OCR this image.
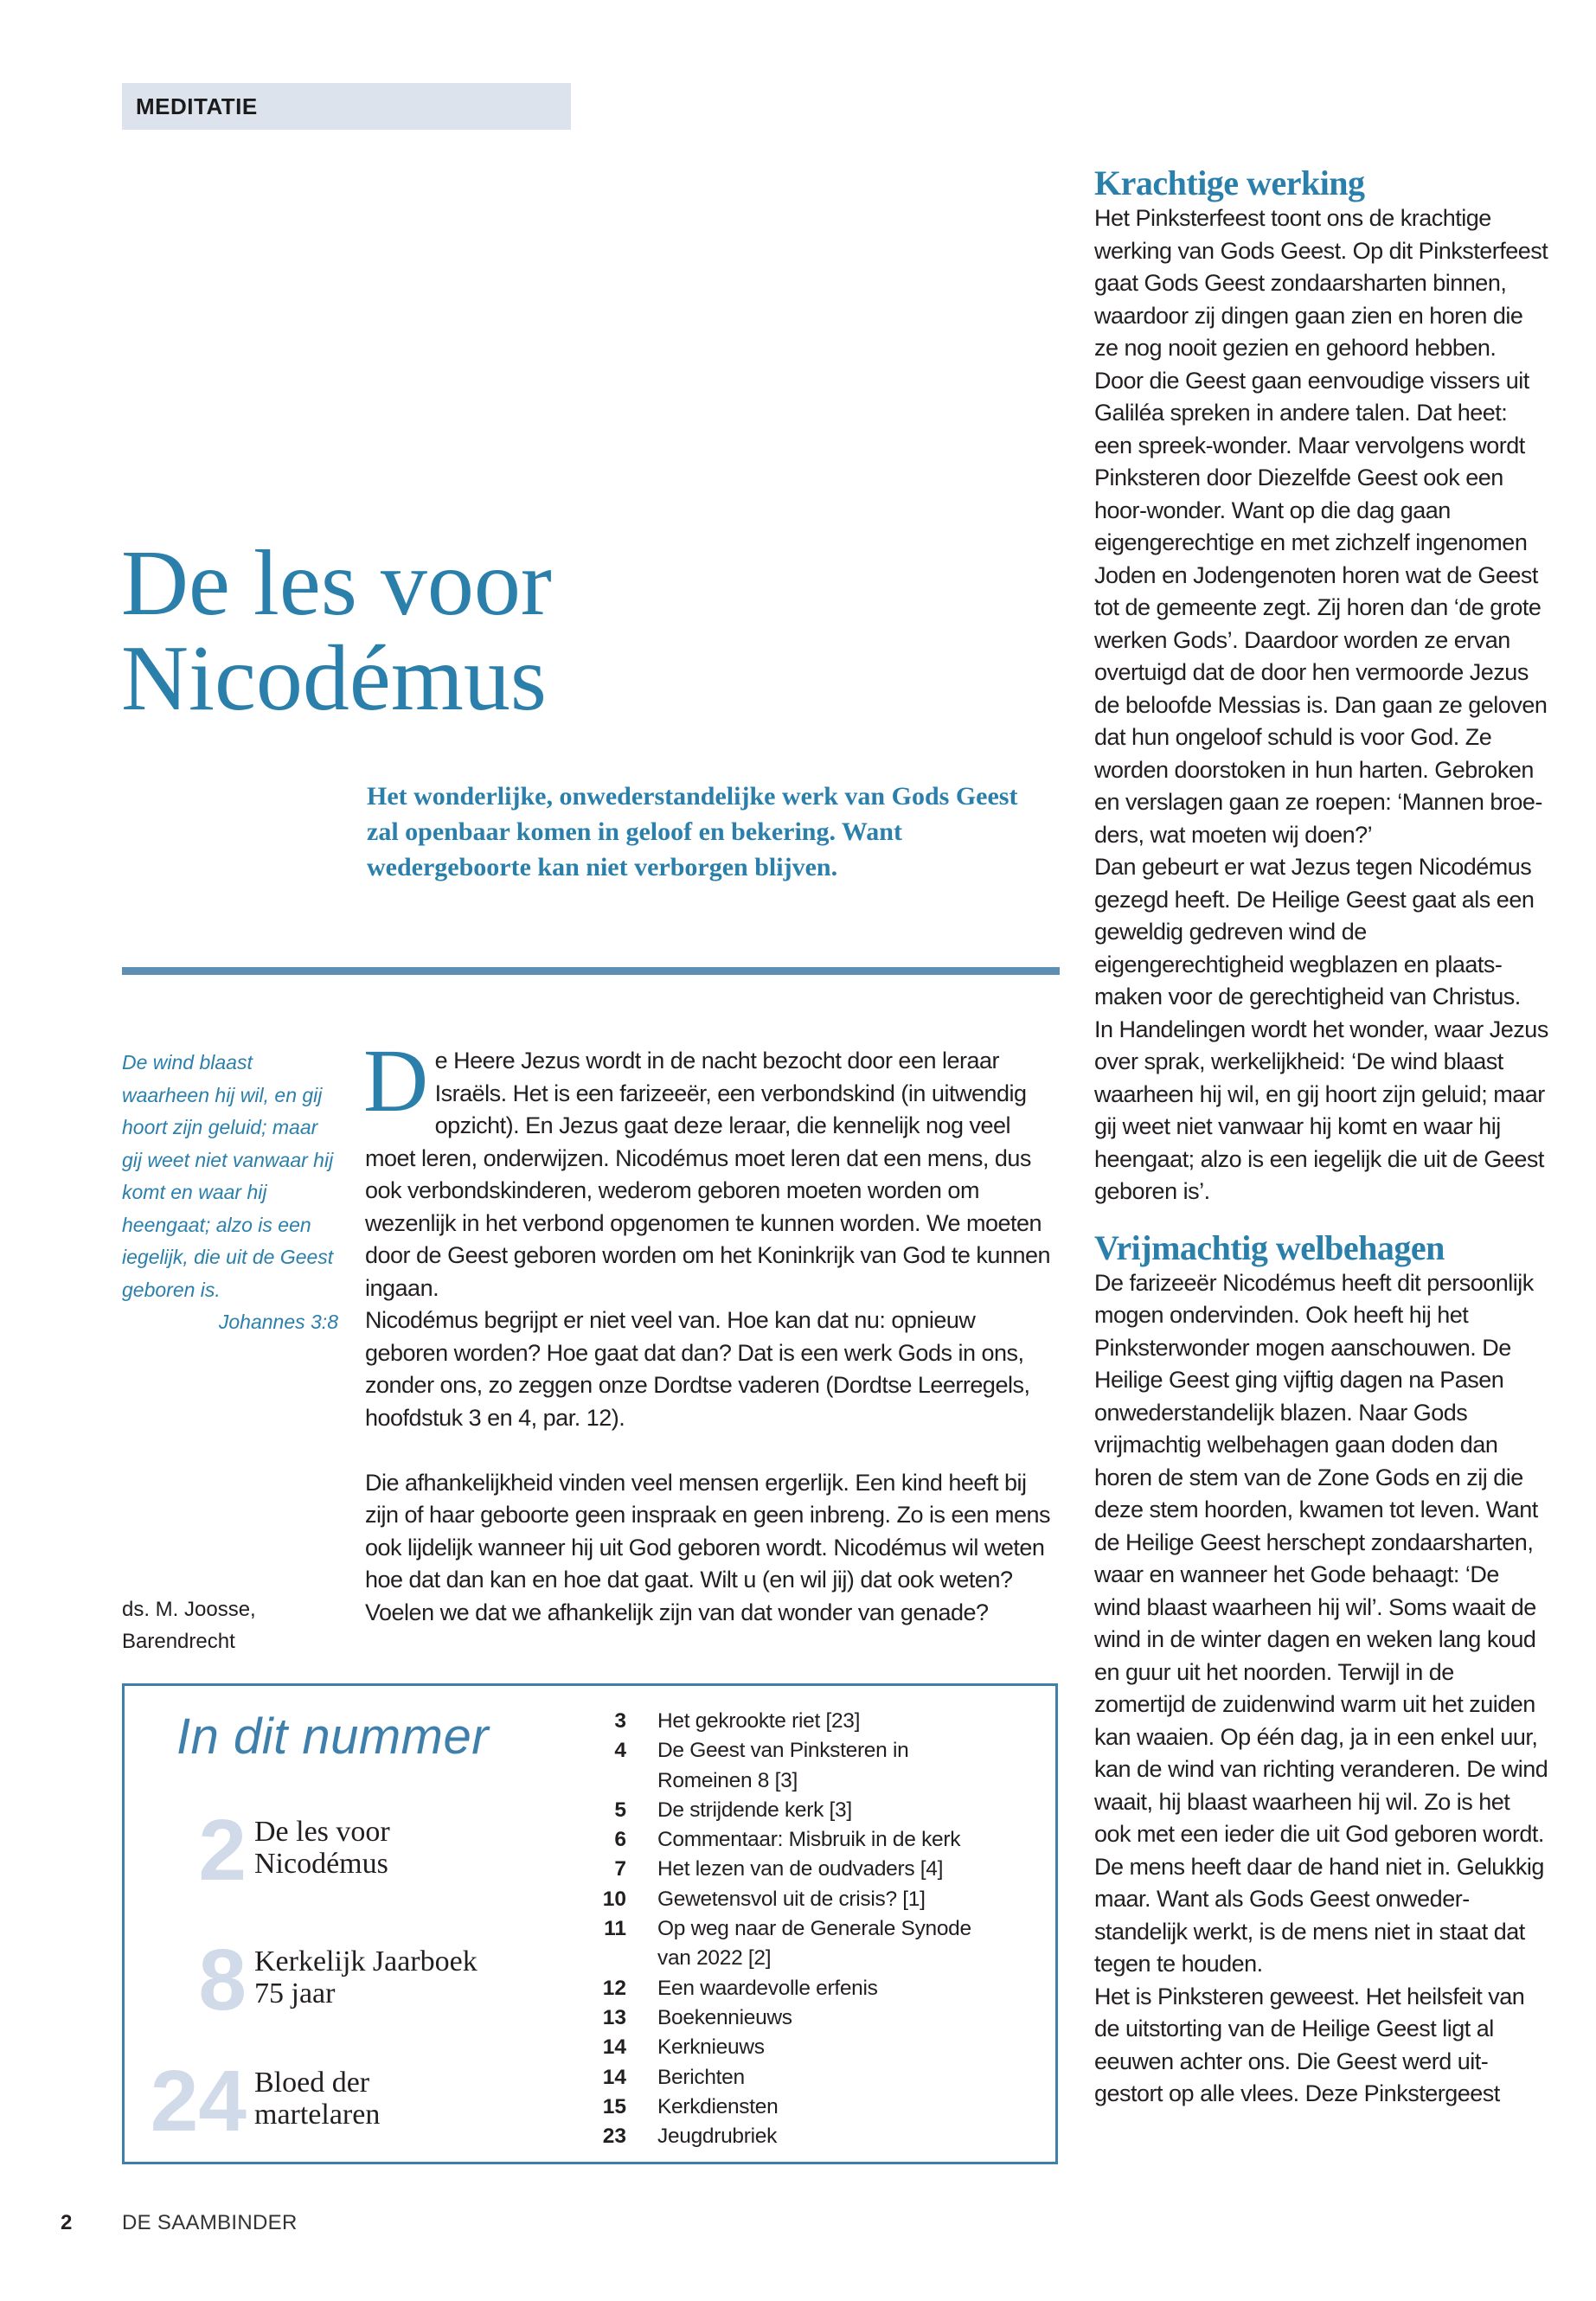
MEDITATIE
De les voor
Nicodémus

Het wonderlijke, onwederstandelijke werk van Gods Geest zal openbaar komen in geloof en bekering. Want wedergeboorte kan niet verborgen blijven.

De wind blaast waarheen hij wil, en gij hoort zijn geluid; maar gij weet niet vanwaar hij komt en waar hij heengaat; alzo is een iegelijk, die uit de Geest geboren is.
Johannes 3:8
ds. M. Joosse,
Barendrecht
D e Heere Jezus wordt in de nacht bezocht door een leraar Israëls. Het is een farizeeër, een verbondskind (in uitwendig opzicht). En Jezus gaat deze leraar, die kennelijk nog veel moet leren, onderwijzen. Nicodémus moet leren dat een mens, dus ook verbondskinderen, wederom geboren moeten worden om wezenlijk in het verbond opgenomen te kunnen worden. We moeten door de Geest geboren worden om het Koninkrijk van God te kunnen ingaan.

Nicodémus begrijpt er niet veel van. Hoe kan dat nu: opnieuw geboren worden? Hoe gaat dat dan? Dat is een werk Gods in ons, zonder ons, zo zeggen onze Dordtse vaderen (Dordtse Leerregels, hoofdstuk 3 en 4, par. 12).

Die afhankelijkheid vinden veel mensen ergerlijk. Een kind heeft bij zijn of haar geboorte geen inspraak en geen inbreng. Zo is een mens ook lijdelijk wanneer hij uit God geboren wordt. Nicodémus wil weten hoe dat dan kan en hoe dat gaat. Wilt u (en wil jij) dat ook weten? Voelen we dat we afhankelijk zijn van dat wonder van genade?

Krachtige werking

Het Pinksterfeest toont ons de krachtige werking van Gods Geest. Op dit Pinksterfeest gaat Gods Geest zondaarsharten binnen, waardoor zij dingen gaan zien en horen die ze nog nooit gezien en gehoord hebben. Door die Geest gaan eenvoudige vissers uit Galiléa spreken in andere talen. Dat heet: een spreek-wonder. Maar vervolgens wordt Pinksteren door Diezelfde Geest ook een hoor-wonder. Want op die dag gaan eigengerechtige en met zichzelf ingenomen Joden en Jodengenoten horen wat de Geest tot de gemeente zegt. Zij horen dan ‘de grote werken Gods’. Daardoor worden ze ervan overtuigd dat de door hen vermoorde Jezus de beloofde Messias is. Dan gaan ze geloven dat hun ongeloof schuld is voor God. Ze worden doorstoken in hun harten. Gebroken en verslagen gaan ze roepen: ‘Mannen broeders, wat moeten wij doen?’

Dan gebeurt er wat Jezus tegen Nicodémus gezegd heeft. De Heilige Geest gaat als een geweldig gedreven wind de eigengerechtigheid wegblazen en plaatsmaken voor de gerechtigheid van Christus.

In Handelingen wordt het wonder, waar Jezus over sprak, werkelijkheid: ‘De wind blaast waarheen hij wil, en gij hoort zijn geluid; maar gij weet niet vanwaar hij komt en waar hij heengaat; alzo is een iegelijk die uit de Geest geboren is’.

Vrijmachtig welbehagen

De farizeeër Nicodémus heeft dit persoonlijk mogen ondervinden. Ook heeft hij het Pinksterwonder mogen aanschouwen. De Heilige Geest ging vijftig dagen na Pasen onwederstandelijk blazen. Naar Gods vrijmachtig welbehagen gaan doden dan horen de stem van de Zone Gods en zij die deze stem hoorden, kwamen tot leven. Want de Heilige Geest herschept zondaarsharten, waar en wanneer het Gode behaagt: ‘De wind blaast waarheen hij wil’. Soms waait de wind in de winter dagen en weken lang koud en guur uit het noorden. Terwijl in de zomertijd de zuidenwind warm uit het zuiden kan waaien. Op één dag, ja in een enkel uur, kan de wind van richting veranderen. De wind waait, hij blaast waarheen hij wil. Zo is het ook met een ieder die uit God geboren wordt. De mens heeft daar de hand niet in. Gelukkig maar. Want als Gods Geest onwederstandelijk werkt, is de mens niet in staat dat tegen te houden.

Het is Pinksteren geweest. Het heilsfeit van de uitstorting van de Heilige Geest ligt al eeuwen achter ons. Die Geest werd uitgestort op alle vlees. Deze Pinkstergeest

In dit nummer
2 De les voor
Nicodémus
8 Kerkelijk Jaarboek
75 jaar
24 Bloed der
martelaren
3 Het gekrookte riet [23]
4 De Geest van Pinksteren in
Romeinen 8 [3]
5 De strijdende kerk [3]
6 Commentaar: Misbruik in de kerk
7 Het lezen van de oudvaders [4]
10 Gewetensvol uit de crisis? [1]
11 Op weg naar de Generale Synode
van 2022 [2]
12 Een waardevolle erfenis
13 Boekennieuws
14 Kerknieuws
14 Berichten
15 Kerkdiensten
23 Jeugdrubriek
2 DE SAAMBINDER
